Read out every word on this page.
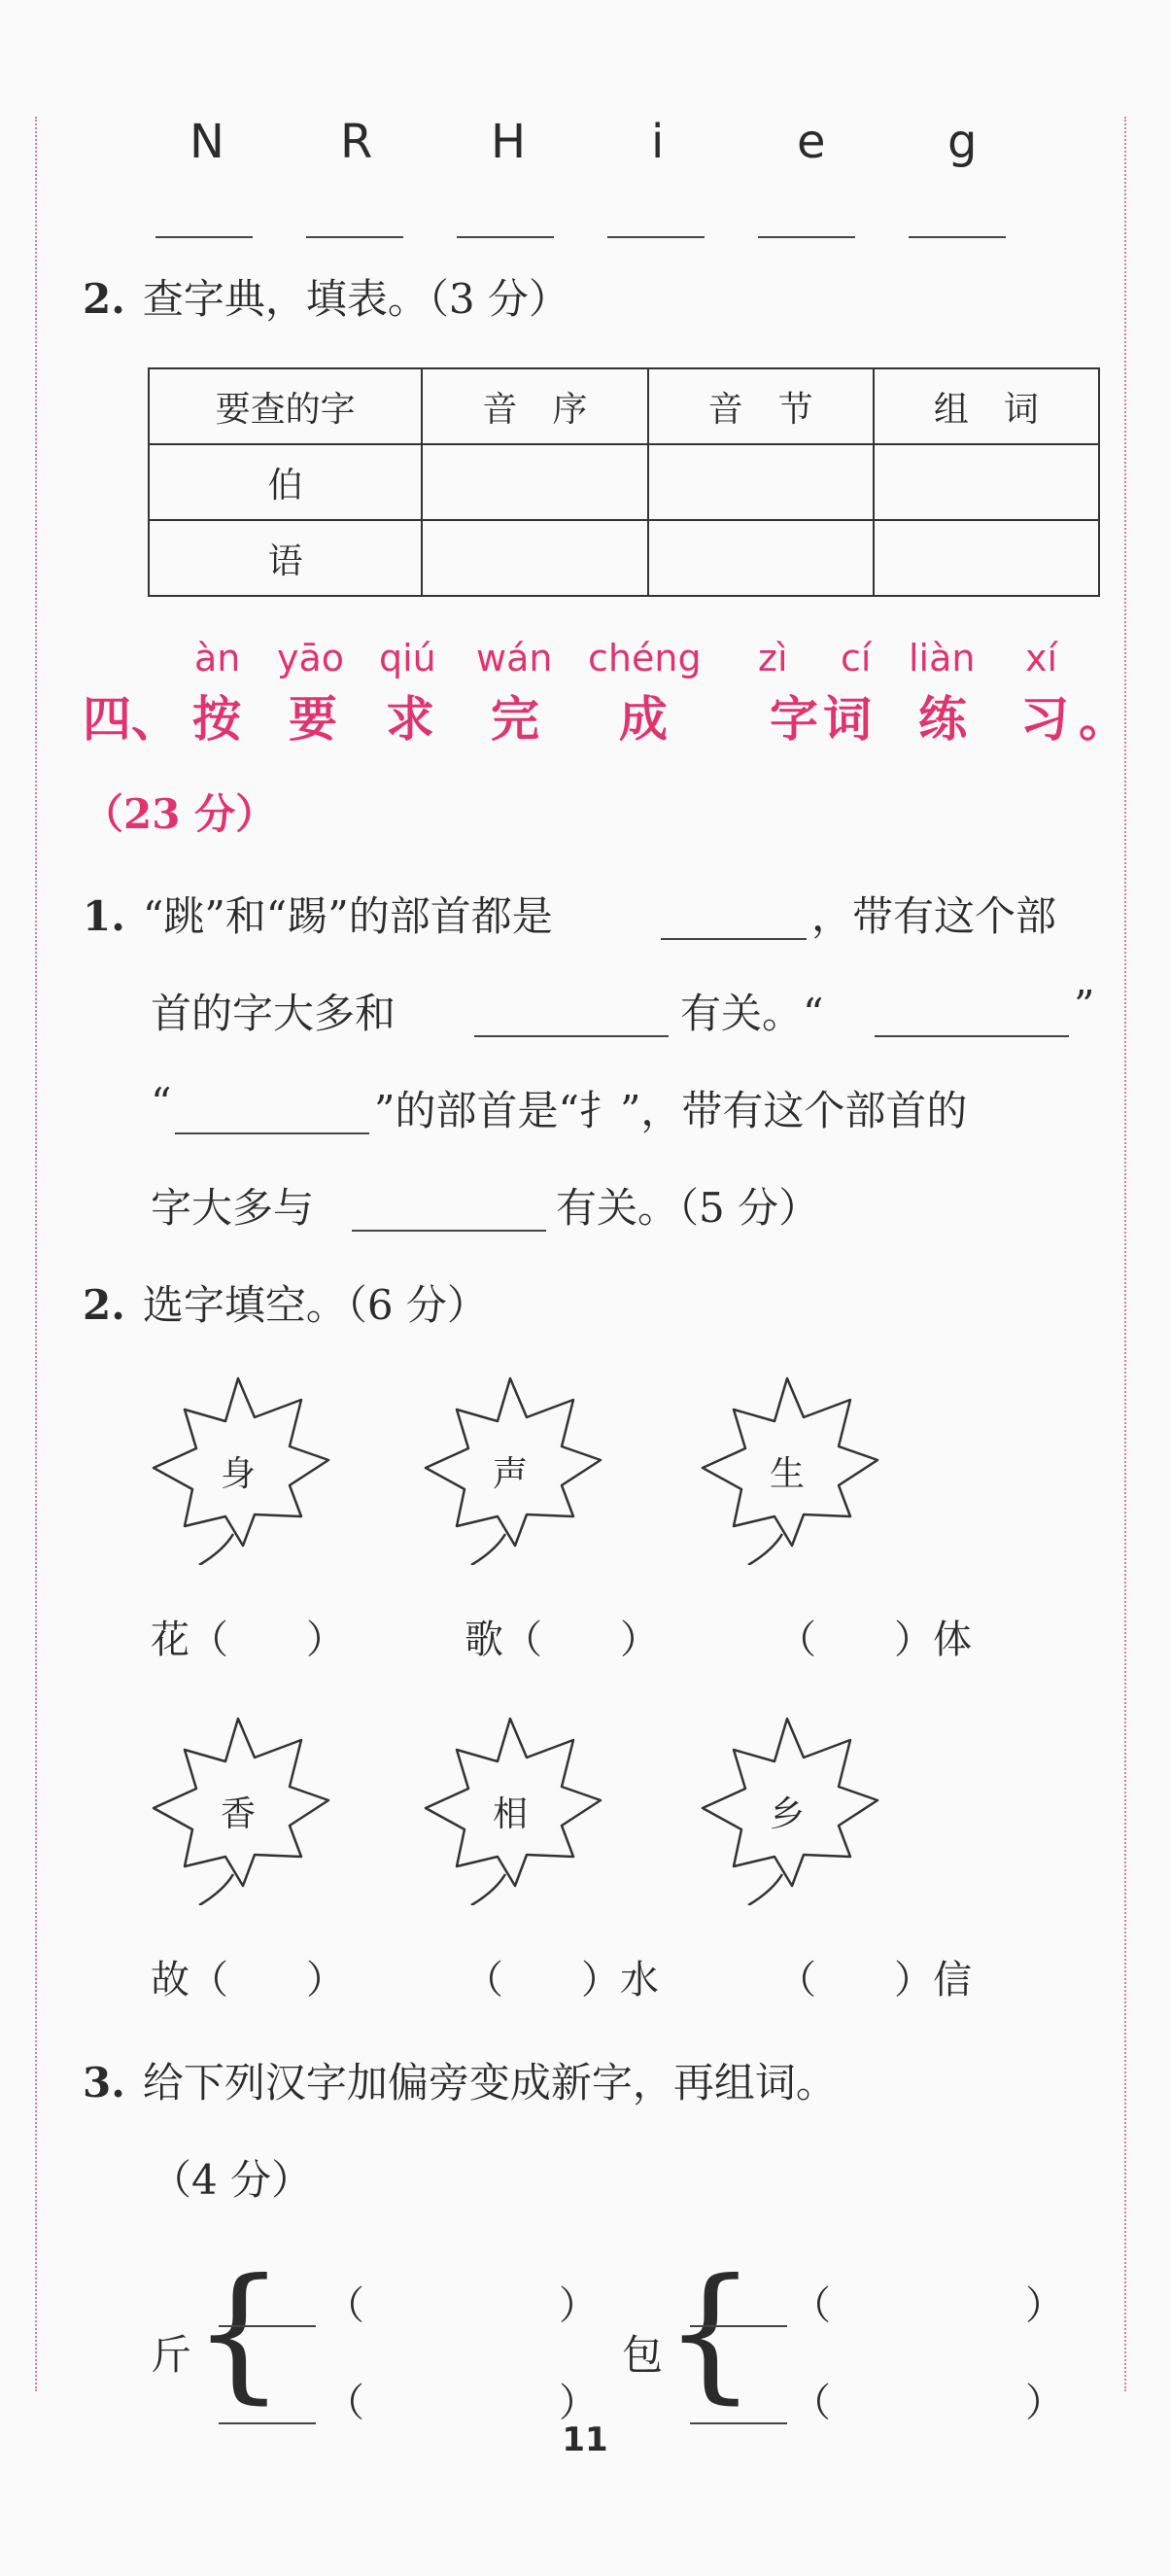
N R	H	i	e	g
2. 查字典，填表。（3 分）
要查的字	音　序	音　节	组　词
伯			
语			
àn yāo qiú wán chéng zì cí liàn xí
四、 按 要 求 完 成 字 词 练 习 。
（23 分）
1. “跳”和“踢”的部首都是	，带有这个部
首的字大多和	有关。“	”
“	”的部首是“扌”，带有这个部首的
字大多与	有关。（5 分）
2. 选字填空。（6 分）
身	声	生
花（　　）	歌（　　）	（　　）体
香	相	乡
故（　　）	（　　）水	（　　）信
3. 给下列汉字加偏旁变成新字，再组词。
（4 分）
斤 { （　　　　　）
（　　　　　）
包 { （　　　　　）
（　　　　　）
11
